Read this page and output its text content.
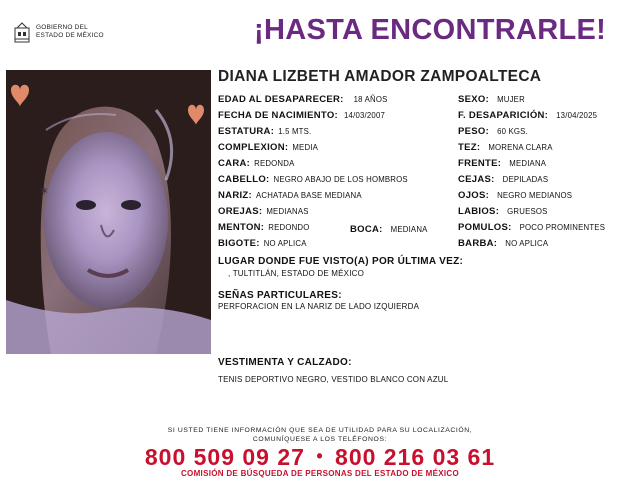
GOBIERNO DEL
ESTADO DE MÉXICO	¡HASTA ENCONTRARLE!
✶
DIANA LIZBETH AMADOR ZAMPOALTECA
EDAD AL DESAPARECER: 18 AÑOS
FECHA DE NACIMIENTO: 14/03/2007
ESTATURA: 1.5 MTS.
COMPLEXION: MEDIA
CARA: REDONDA
CABELLO: NEGRO ABAJO DE LOS HOMBROS
NARIZ: ACHATADA BASE MEDIANA
OREJAS: MEDIANAS
MENTON: REDONDO
BIGOTE: NO APLICA
BOCA: MEDIANA
SEXO: MUJER
F. DESAPARICIÓN: 13/04/2025
PESO: 60 KGS.
TEZ: MORENA CLARA
FRENTE: MEDIANA
CEJAS: DEPILADAS
OJOS: NEGRO MEDIANOS
LABIOS: GRUESOS
POMULOS: POCO PROMINENTES
BARBA: NO APLICA
LUGAR DONDE FUE VISTO(A) POR ÚLTIMA VEZ:
, TULTITLÁN, ESTADO DE MÉXICO
SEÑAS PARTICULARES:
PERFORACION EN LA NARIZ DE LADO IZQUIERDA
VESTIMENTA Y CALZADO:
TENIS DEPORTIVO NEGRO, VESTIDO BLANCO CON AZUL
SI USTED TIENE INFORMACIÓN QUE SEA DE UTILIDAD PARA SU LOCALIZACIÓN,
COMUNÍQUESE A LOS TELÉFONOS:
800 509 09 27 • 800 216 03 61
COMISIÓN DE BÚSQUEDA DE PERSONAS DEL ESTADO DE MÉXICO
